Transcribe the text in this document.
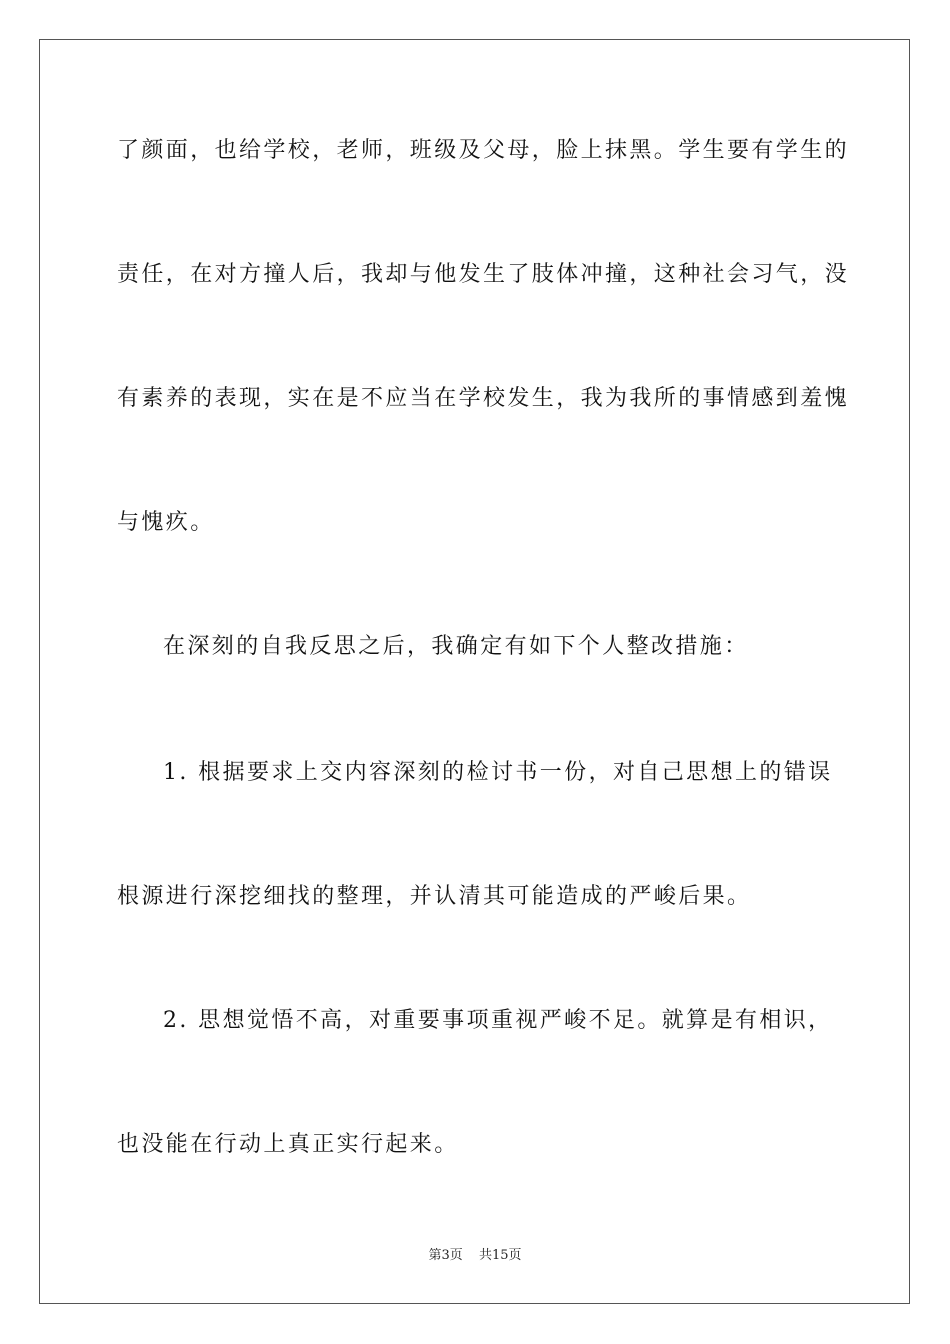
了颜面，也给学校，老师，班级及父母，脸上抹黑。学生要有学生的
责任，在对方撞人后，我却与他发生了肢体冲撞，这种社会习气，没
有素养的表现，实在是不应当在学校发生，我为我所的事情感到羞愧
与愧疚。
在深刻的自我反思之后，我确定有如下个人整改措施：
1. 根据要求上交内容深刻的检讨书一份，对自己思想上的错误
根源进行深挖细找的整理，并认清其可能造成的严峻后果。
2. 思想觉悟不高，对重要事项重视严峻不足。就算是有相识，
也没能在行动上真正实行起来。
第3页 共15页
